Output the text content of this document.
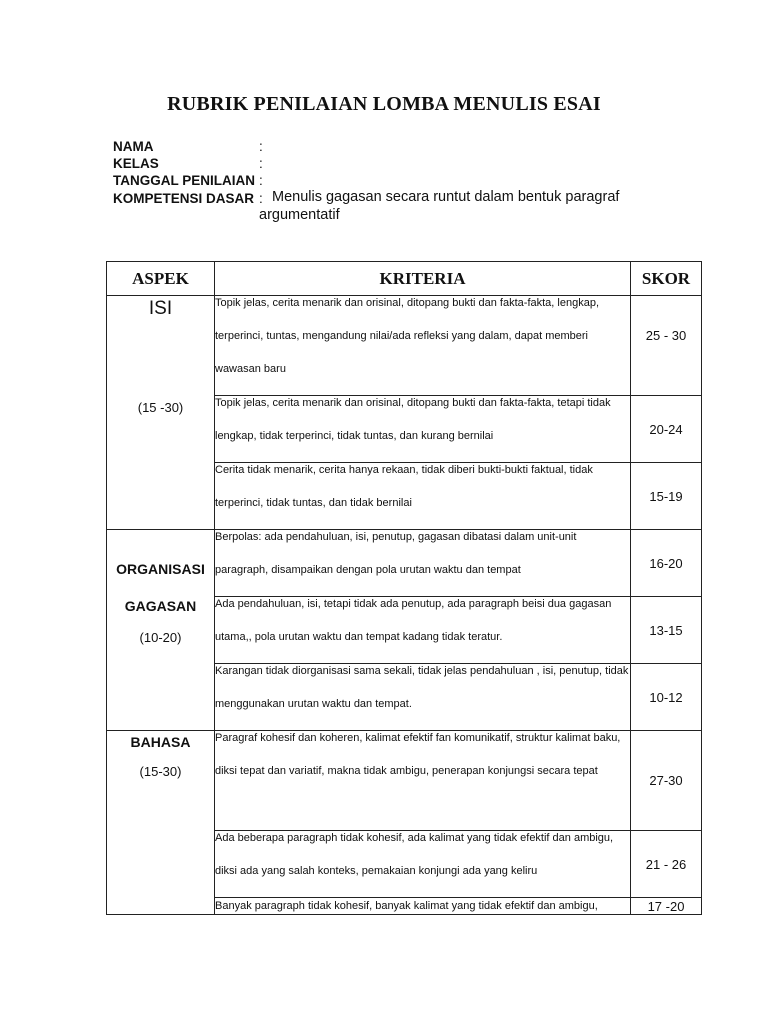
RUBRIK PENILAIAN LOMBA MENULIS ESAI
NAMA	:
KELAS	:
TANGGAL PENILAIAN :
KOMPETENSI DASAR : Menulis gagasan secara runtut dalam bentuk paragraf argumentatif
ASPEK	KRITERIA	SKOR

ISI
(15 -30)	Topik jelas, cerita menarik dan orisinal, ditopang bukti dan fakta-fakta, lengkap, terperinci, tuntas, mengandung nilai/ada refleksi yang dalam, dapat memberi wawasan baru	25 - 30

	Topik jelas, cerita menarik dan orisinal, ditopang bukti dan fakta-fakta, tetapi tidak lengkap, tidak terperinci, tidak tuntas, dan kurang bernilai	20-24

	Cerita tidak menarik, cerita hanya rekaan, tidak diberi bukti-bukti faktual, tidak terperinci, tidak tuntas, dan tidak bernilai	15-19

ORGANISASI
GAGASAN
(10-20)	Berpolas: ada pendahuluan, isi, penutup, gagasan dibatasi dalam unit-unit paragraph, disampaikan dengan pola urutan waktu dan tempat	16-20

	Ada pendahuluan, isi, tetapi tidak ada penutup, ada paragraph beisi dua gagasan utama,, pola urutan waktu dan tempat kadang tidak teratur.	13-15

	Karangan tidak diorganisasi sama sekali, tidak jelas pendahuluan , isi, penutup, tidak menggunakan urutan waktu dan tempat.	10-12

BAHASA
(15-30)	Paragraf kohesif dan koheren, kalimat efektif fan komunikatif, struktur kalimat baku, diksi tepat dan variatif, makna tidak ambigu, penerapan konjungsi secara tepat	27-30

	Ada beberapa paragraph tidak kohesif, ada kalimat yang tidak efektif dan ambigu, diksi ada yang salah konteks, pemakaian konjungi ada yang keliru	21 - 26
	Banyak paragraph tidak kohesif, banyak kalimat yang tidak efektif dan ambigu,	17 -20
